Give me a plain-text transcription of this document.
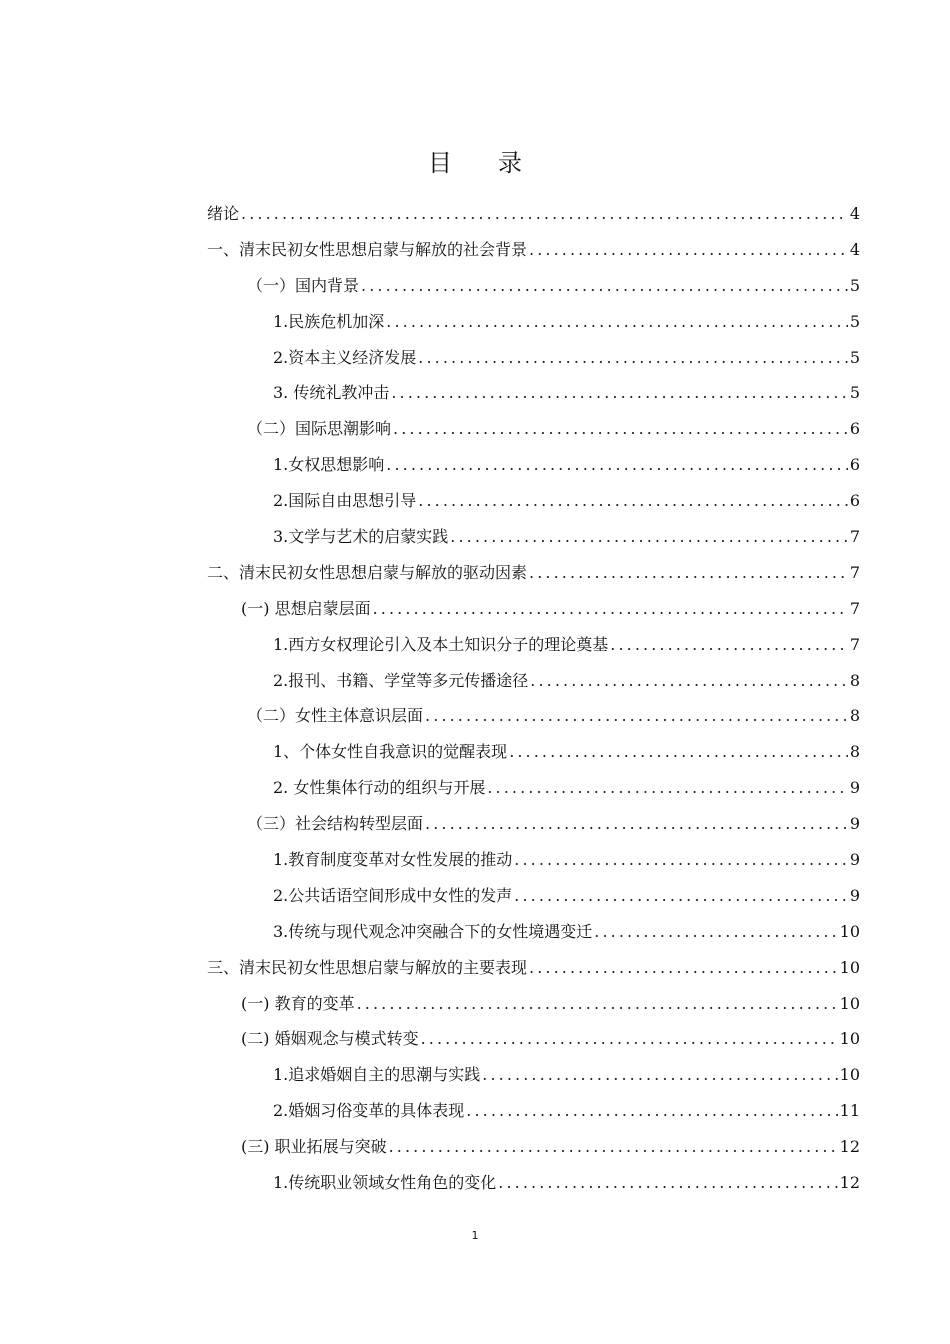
目录
绪论 .....	4
一、清末民初女性思想启蒙与解放的社会背景 .....	4
（一）国内背景 .....	5
1.民族危机加深 .....	5
2.资本主义经济发展 .....	5
3. 传统礼教冲击 .....	5
（二）国际思潮影响 .....	6
1.女权思想影响 .....	6
2.国际自由思想引导 .....	6
3.文学与艺术的启蒙实践 .....	7
二、清末民初女性思想启蒙与解放的驱动因素 .....	7
(一) 思想启蒙层面 .....	7
1.西方女权理论引入及本土知识分子的理论奠基 .....	7
2.报刊、书籍、学堂等多元传播途径 .....	8
（二）女性主体意识层面 .....	8
1、个体女性自我意识的觉醒表现 .....	8
2. 女性集体行动的组织与开展 .....	9
（三）社会结构转型层面 .....	9
1.教育制度变革对女性发展的推动 .....	9
2.公共话语空间形成中女性的发声 .....	9
3.传统与现代观念冲突融合下的女性境遇变迁 .....	10
三、清末民初女性思想启蒙与解放的主要表现 .....	10
(一) 教育的变革 .....	10
(二) 婚姻观念与模式转变 .....	10
1.追求婚姻自主的思潮与实践 .....	10
2.婚姻习俗变革的具体表现 .....	11
(三) 职业拓展与突破 .....	12
1.传统职业领域女性角色的变化 .....	12
1
